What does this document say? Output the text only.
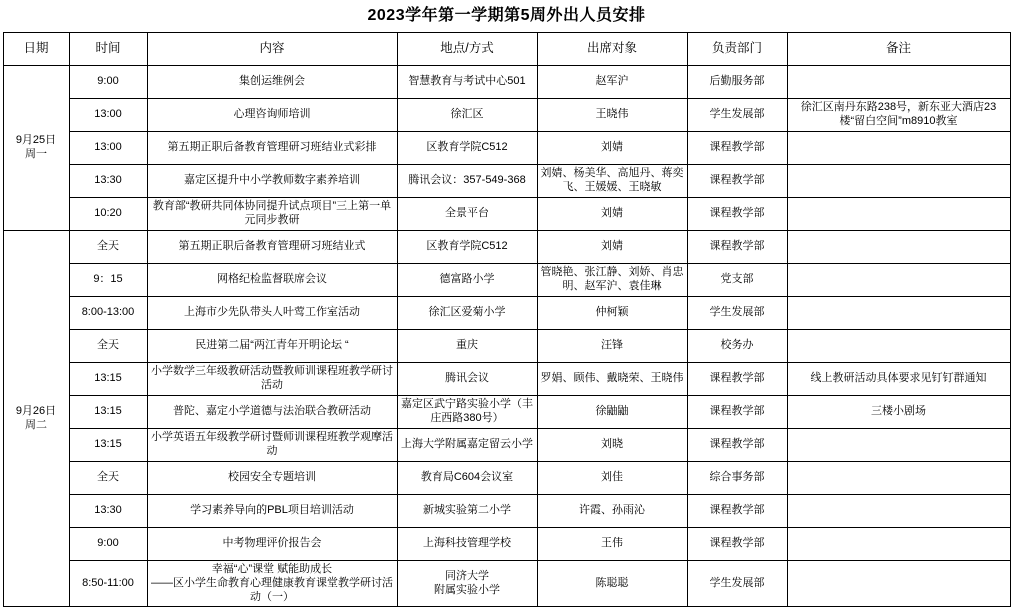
2023学年第一学期第5周外出人员安排
日期	时间	内容	地点/方式	出席对象	负责部门	备注
9月25日
周一	9:00	集创运维例会	智慧教育与考试中心501	赵军沪	后勤服务部	
	13:00	心理咨询师培训	徐汇区	王晓伟	学生发展部	徐汇区南丹东路238号，新东亚大酒店23楼“留白空间”m8910教室
	13:00	第五期正职后备教育管理研习班结业式彩排	区教育学院C512	刘婧	课程教学部	
	13:30	嘉定区提升中小学教师数字素养培训	腾讯会议：357-549-368	刘婧、杨美华、高旭丹、蒋奕飞、王媛媛、王晓敏	课程教学部	
	10:20	教育部“教研共同体协同提升试点项目”三上第一单元同步教研	全景平台	刘婧	课程教学部	
9月26日
周二	全天	第五期正职后备教育管理研习班结业式	区教育学院C512	刘婧	课程教学部	
	9：15	网格纪检监督联席会议	德富路小学	管晓艳、张江静、刘娇、肖忠明、赵军沪、袁佳琳	党支部	
	8:00-13:00	上海市少先队带头人叶莺工作室活动	徐汇区爱菊小学	仲柯颖	学生发展部	
	全天	民进第二届“两江青年开明论坛 “	重庆	汪锋	校务办	
	13:15	小学数学三年级教研活动暨教师训课程班教学研讨活动	腾讯会议	罗娟、顾伟、戴晓荣、王晓伟	课程教学部	线上教研活动具体要求见钉钉群通知
	13:15	普陀、嘉定小学道德与法治联合教研活动	嘉定区武宁路实验小学（丰庄西路380号）	徐鼬鼬	课程教学部	三楼小剧场
	13:15	小学英语五年级教学研讨暨师训课程班教学观摩活动	上海大学附属嘉定留云小学	刘晓	课程教学部	
	全天	校园安全专题培训	教育局C604会议室	刘佳	综合事务部	
	13:30	学习素养导向的PBL项目培训活动	新城实验第二小学	许霞、孙雨沁	课程教学部	
	9:00	中考物理评价报告会	上海科技管理学校	王伟	课程教学部	
	8:50-11:00	幸福“心”课堂 赋能助成长
——区小学生命教育心理健康教育课堂教学研讨活动（一）	同济大学
附属实验小学	陈聪聪	学生发展部	
